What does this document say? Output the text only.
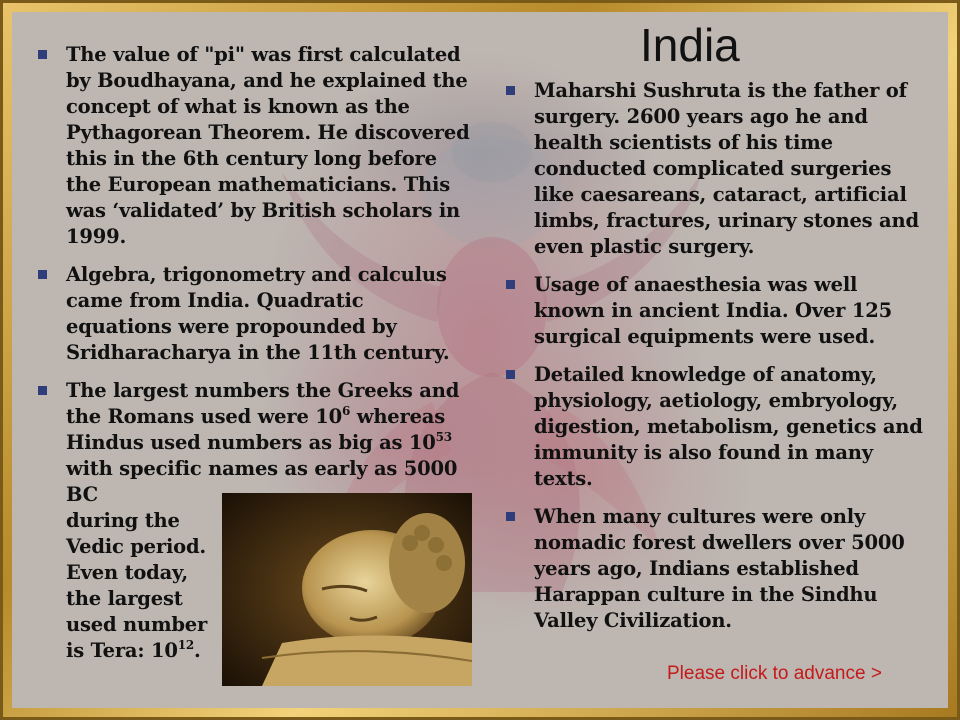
India
The value of "pi" was first calculated by Boudhayana, and he explained the concept of what is known as the Pythagorean Theorem. He discovered this in the 6th century long before the European mathematicians. This was ‘validated’ by British scholars in 1999.
Algebra, trigonometry and calculus came from India. Quadratic equations were propounded by Sridharacharya in the 11th century.
The largest numbers the Greeks and the Romans used were $10^6$ whereas Hindus used numbers as big as $10^{53}$ with specific names as early as 5000 BC
during the
Vedic period.
Even today,
the largest
used number
is Tera: $10^{12}$.
Maharshi Sushruta is the father of surgery. 2600 years ago he and health scientists of his time conducted complicated surgeries like caesareans, cataract, artificial limbs, fractures, urinary stones and even plastic surgery.
Usage of anaesthesia was well known in ancient India. Over 125 surgical equipments were used.
Detailed knowledge of anatomy, physiology, aetiology, embryology, digestion, metabolism, genetics and immunity is also found in many texts.
When many cultures were only nomadic forest dwellers over 5000 years ago, Indians established Harappan culture in the Sindhu Valley Civilization.
Please click to advance >
